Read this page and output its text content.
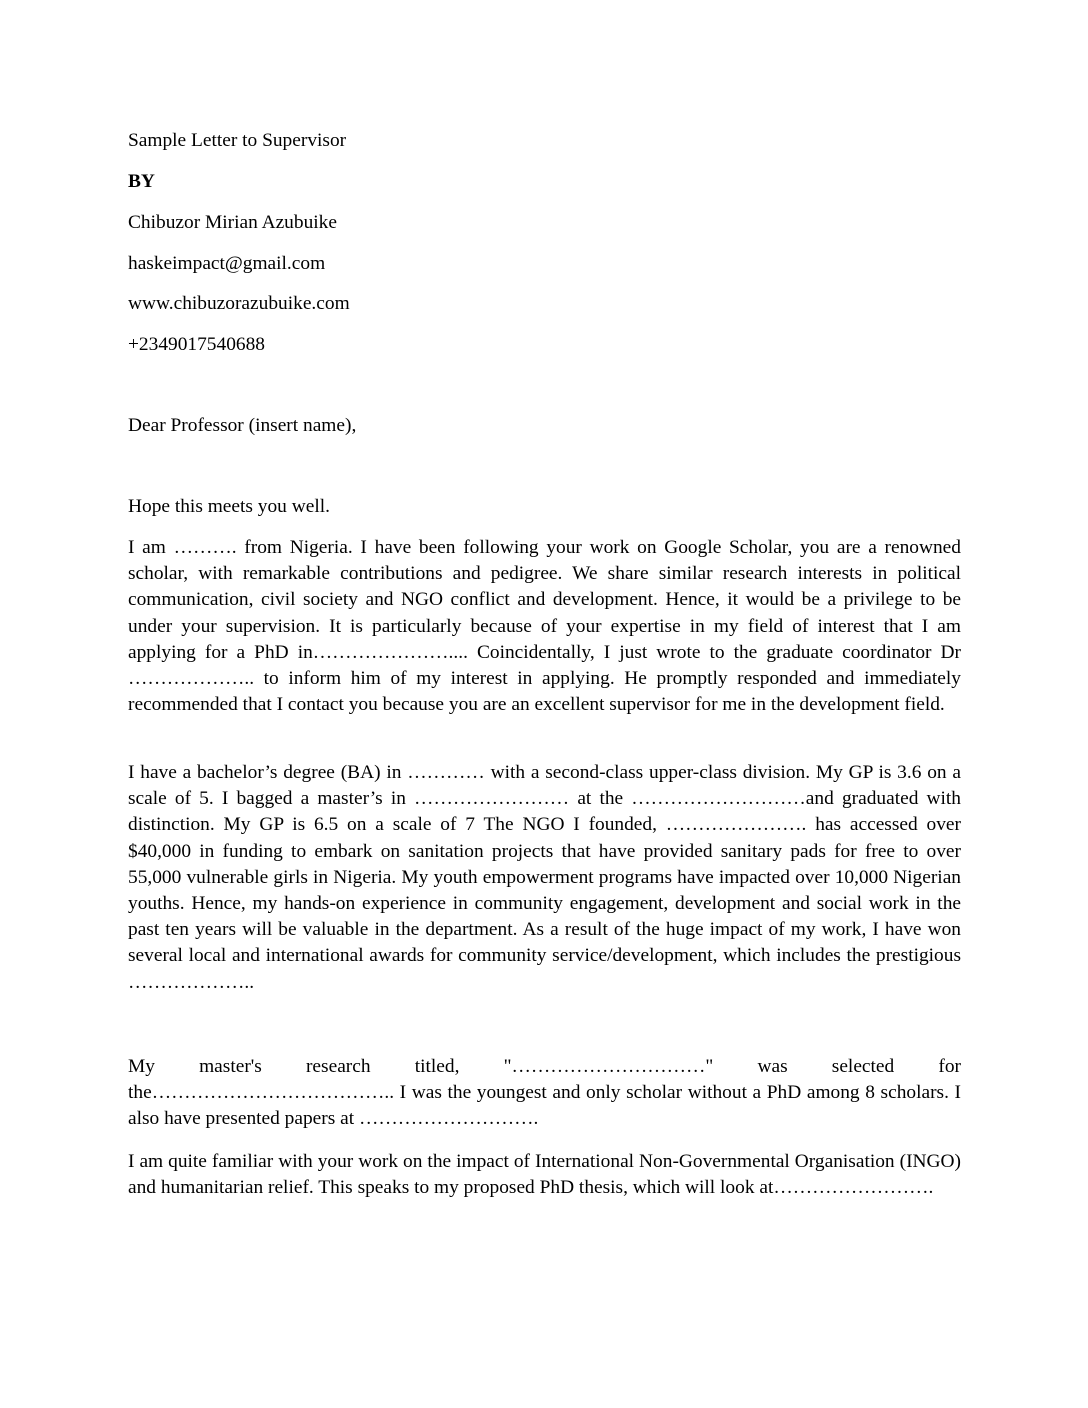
Sample Letter to Supervisor
BY
Chibuzor Mirian Azubuike
haskeimpact@gmail.com
www.chibuzorazubuike.com
+2349017540688
Dear Professor (insert name),
Hope this meets you well.

I am ………. from Nigeria. I have been following your work on Google Scholar, you are a renowned scholar, with remarkable contributions and pedigree. We share similar research interests in political communication, civil society and NGO conflict and development. Hence, it would be a privilege to be under your supervision. It is particularly because of your expertise in my field of interest that I am applying for a PhD in………………….... Coincidentally, I just wrote to the graduate coordinator Dr ……………….. to inform him of my interest in applying. He promptly responded and immediately recommended that I contact you because you are an excellent supervisor for me in the development field.

I have a bachelor’s degree (BA) in ………… with a second-class upper-class division. My GP is 3.6 on a scale of 5. I bagged a master’s in …………………… at the ………………………and graduated with distinction. My GP is 6.5 on a scale of 7 The NGO I founded, …………………. has accessed over $40,000 in funding to embark on sanitation projects that have provided sanitary pads for free to over 55,000 vulnerable girls in Nigeria. My youth empowerment programs have impacted over 10,000 Nigerian youths. Hence, my hands-on experience in community engagement, development and social work in the past ten years will be valuable in the department. As a result of the huge impact of my work, I have won several local and international awards for community service/development, which includes the prestigious ………………..

My master's research titled, "…………………………" was selected for

the……………………………….. I was the youngest and only scholar without a PhD among 8 scholars. I also have presented papers at ……………………….

I am quite familiar with your work on the impact of International Non-Governmental Organisation (INGO) and humanitarian relief. This speaks to my proposed PhD thesis, which will look at…………………….
